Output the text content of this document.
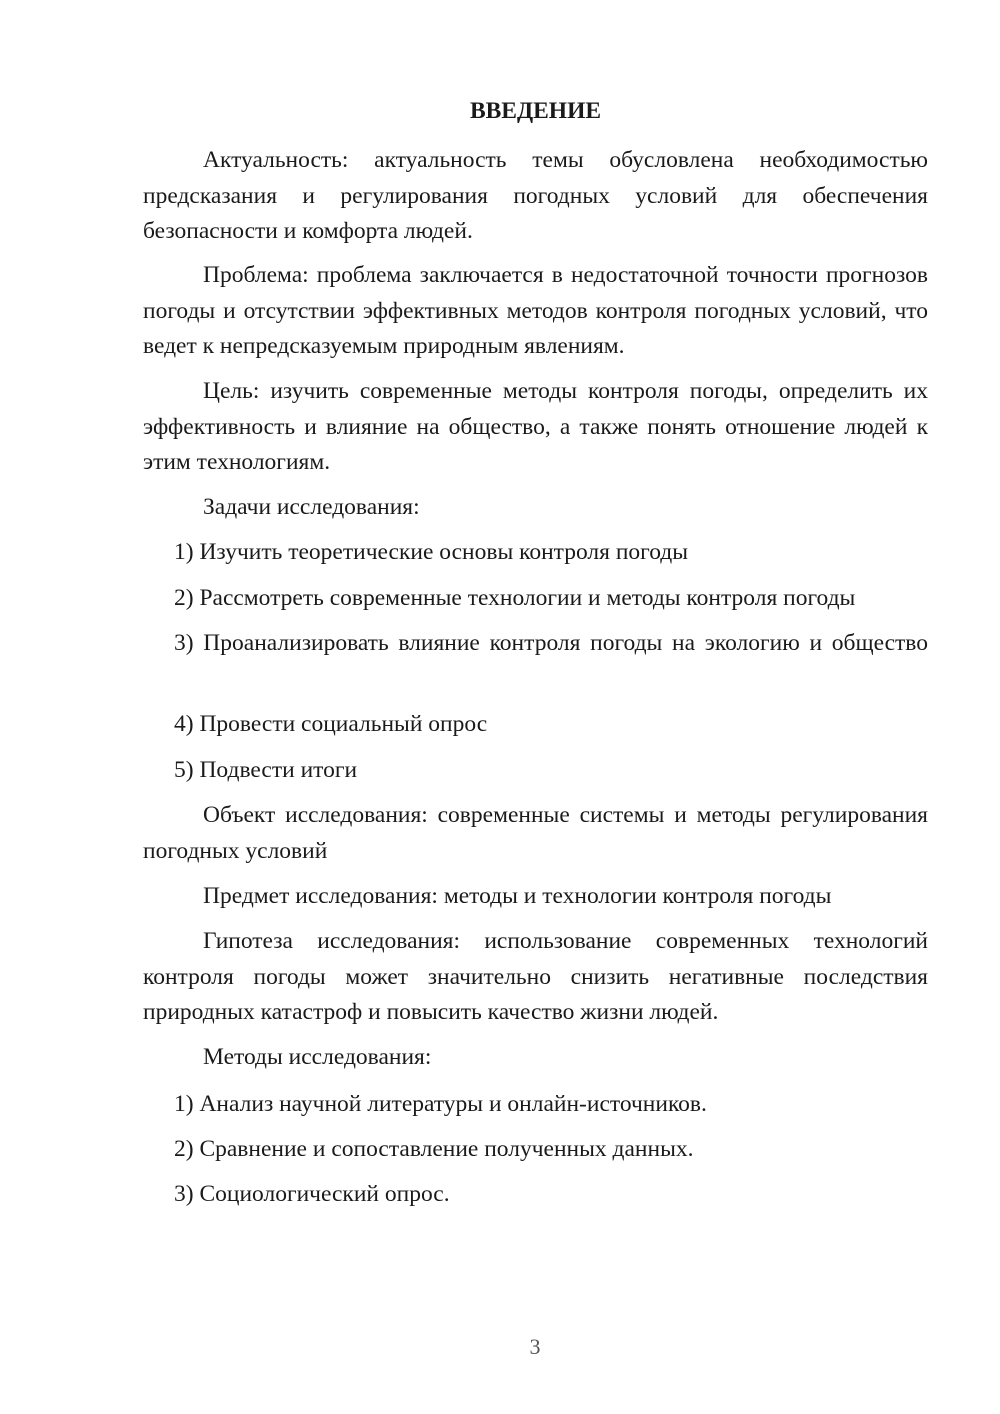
ВВЕДЕНИЕ
Актуальность: актуальность темы обусловлена необходимостью предсказания и регулирования погодных условий для обеспечения безопасности и комфорта людей.
Проблема: проблема заключается в недостаточной точности прогнозов погоды и отсутствии эффективных методов контроля погодных условий, что ведет к непредсказуемым природным явлениям.
Цель: изучить современные методы контроля погоды, определить их эффективность и влияние на общество, а также понять отношение людей к этим технологиям.
Задачи исследования:
1) Изучить теоретические основы контроля погоды
2) Рассмотреть современные технологии и методы контроля погоды
3) Проанализировать влияние контроля погоды на экологию и общество
4) Провести социальный опрос
5) Подвести итоги
Объект исследования: современные системы и методы регулирования погодных условий
Предмет исследования: методы и технологии контроля погоды
Гипотеза исследования: использование современных технологий контроля погоды может значительно снизить негативные последствия природных катастроф и повысить качество жизни людей.
Методы исследования:
1) Анализ научной литературы и онлайн-источников.
2) Сравнение и сопоставление полученных данных.
3) Социологический опрос.
3
